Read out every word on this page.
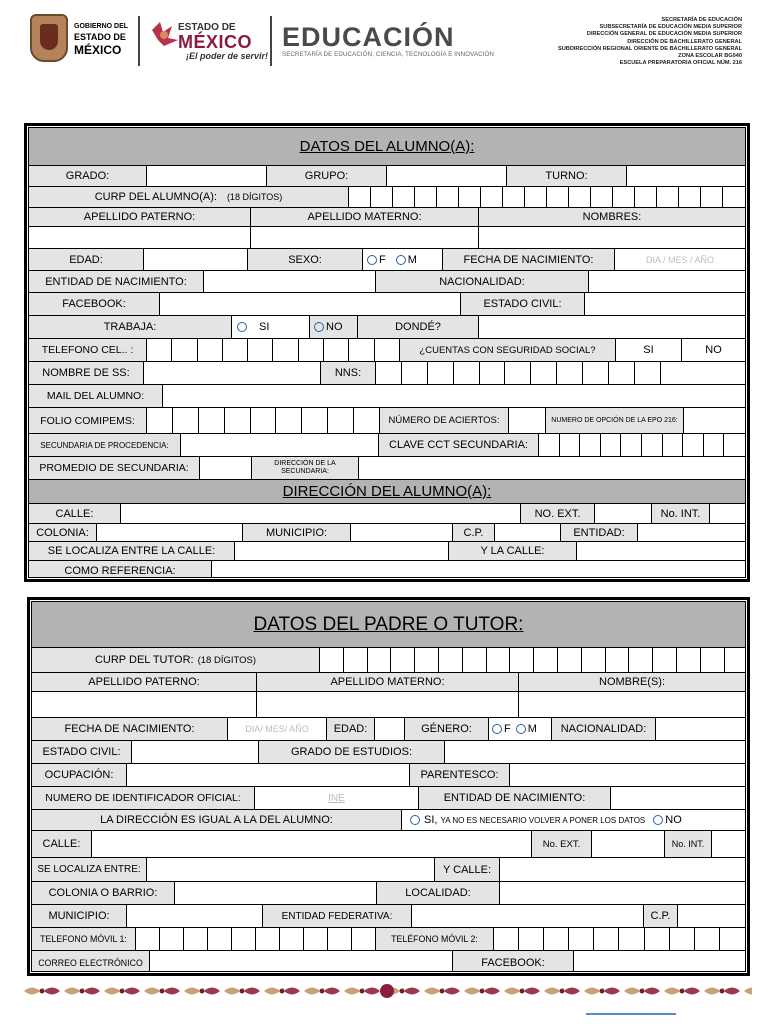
GOBIERNO DEL
ESTADO DE
MÉXICO
ESTADO DE
MÉXICO
¡El poder de servir!
EDUCACIÓN
SECRETARÍA DE EDUCACIÓN, CIENCIA, TECNOLOGÍA E INNOVACIÓN
SECRETARÍA DE EDUCACIÓN
SUBSECRETARÍA DE EDUCACIÓN MEDIA SUPERIOR
DIRECCIÓN GENERAL DE EDUCACIÓN MEDIA SUPERIOR
DIRECCIÓN DE BACHILLERATO GENERAL
SUBDIRECCIÓN REGIONAL ORIENTE DE BACHILLERATO GENERAL
ZONA ESCOLAR BG040
ESCUELA PREPARATORIA OFICIAL NÚM. 216
DATOS DEL ALUMNO(A):
GRADO:	GRUPO:	TURNO:
CURP DEL ALUMNO(A): (18 DÍGITOS)
APELLIDO PATERNO:	APELLIDO MATERNO:	NOMBRES:
EDAD:	SEXO:	F M	FECHA DE NACIMIENTO:	DIA / MES / AÑO
ENTIDAD DE NACIMIENTO:	NACIONALIDAD:
FACEBOOK:	ESTADO CIVIL:
TRABAJA:	SI	NO	DONDÉ?
TELEFONO CEL.. :	¿CUENTAS CON SEGURIDAD SOCIAL?	SI	NO
NOMBRE DE SS:	NNS:
MAIL DEL ALUMNO:
FOLIO COMIPEMS:	NÚMERO DE ACIERTOS:	NUMERO DE OPCIÓN DE LA EPO 216:
SECUNDARIA DE PROCEDENCIA:	CLAVE CCT SECUNDARIA:
PROMEDIO DE SECUNDARIA:	DIRECCIÓN DE LA SECUNDARIA:
DIRECCIÓN DEL ALUMNO(A):
CALLE:	NO. EXT.	No. INT.
COLONIA:	MUNICIPIO:	C.P.	ENTIDAD:
SE LOCALIZA ENTRE LA CALLE:	Y LA CALLE:
COMO REFERENCIA:
DATOS DEL PADRE O TUTOR:
CURP DEL TUTOR: (18 DÍGITOS)
APELLIDO PATERNO:	APELLIDO MATERNO:	NOMBRE(S):
FECHA DE NACIMIENTO:	DIA/ MES/ AÑO	EDAD:	GÉNERO:	F M	NACIONALIDAD:
ESTADO CIVIL:	GRADO DE ESTUDIOS:
OCUPACIÓN:	PARENTESCO:
NUMERO DE IDENTIFICADOR OFICIAL:	INE	ENTIDAD DE NACIMIENTO:
LA DIRECCIÓN ES IGUAL A LA DEL ALUMNO:	SI, YA NO ES NECESARIO VOLVER A PONER LOS DATOS NO
CALLE:	No. EXT.	No. INT.
SE LOCALIZA ENTRE:	Y CALLE:
COLONIA O BARRIO:	LOCALIDAD:
MUNICIPIO:	ENTIDAD FEDERATIVA:	C.P.
TELEFONO MÓVIL 1:	TELÉFONO MÓVIL 2:
CORREO ELECTRÓNICO	FACEBOOK:
